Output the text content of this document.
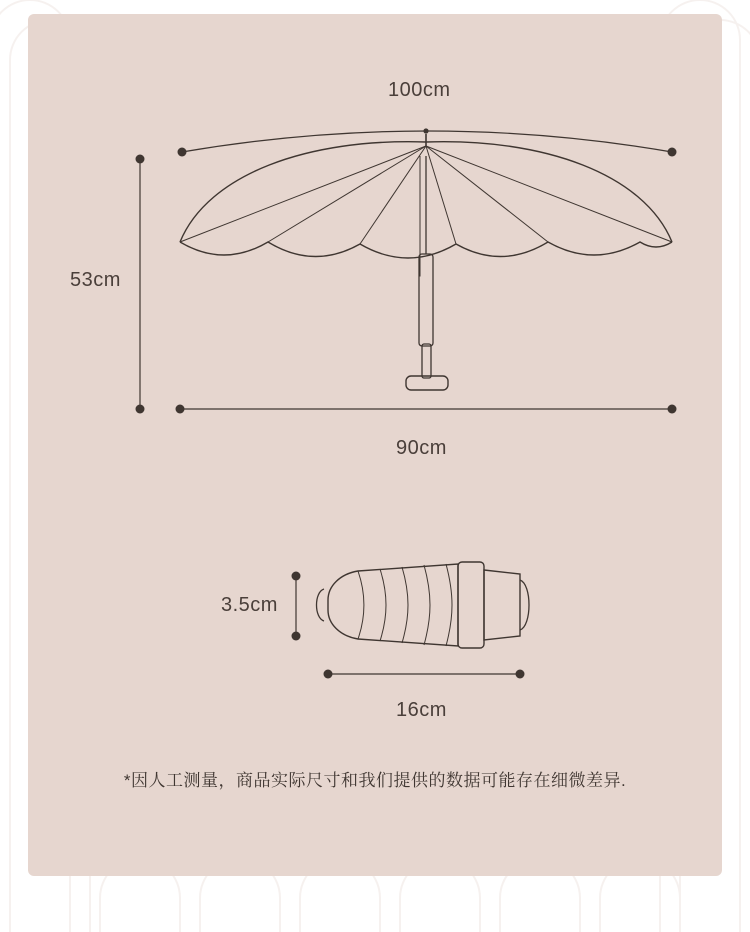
100cm
53cm
90cm
3.5cm
16cm
*因人工测量，商品实际尺寸和我们提供的数据可能存在细微差异.
